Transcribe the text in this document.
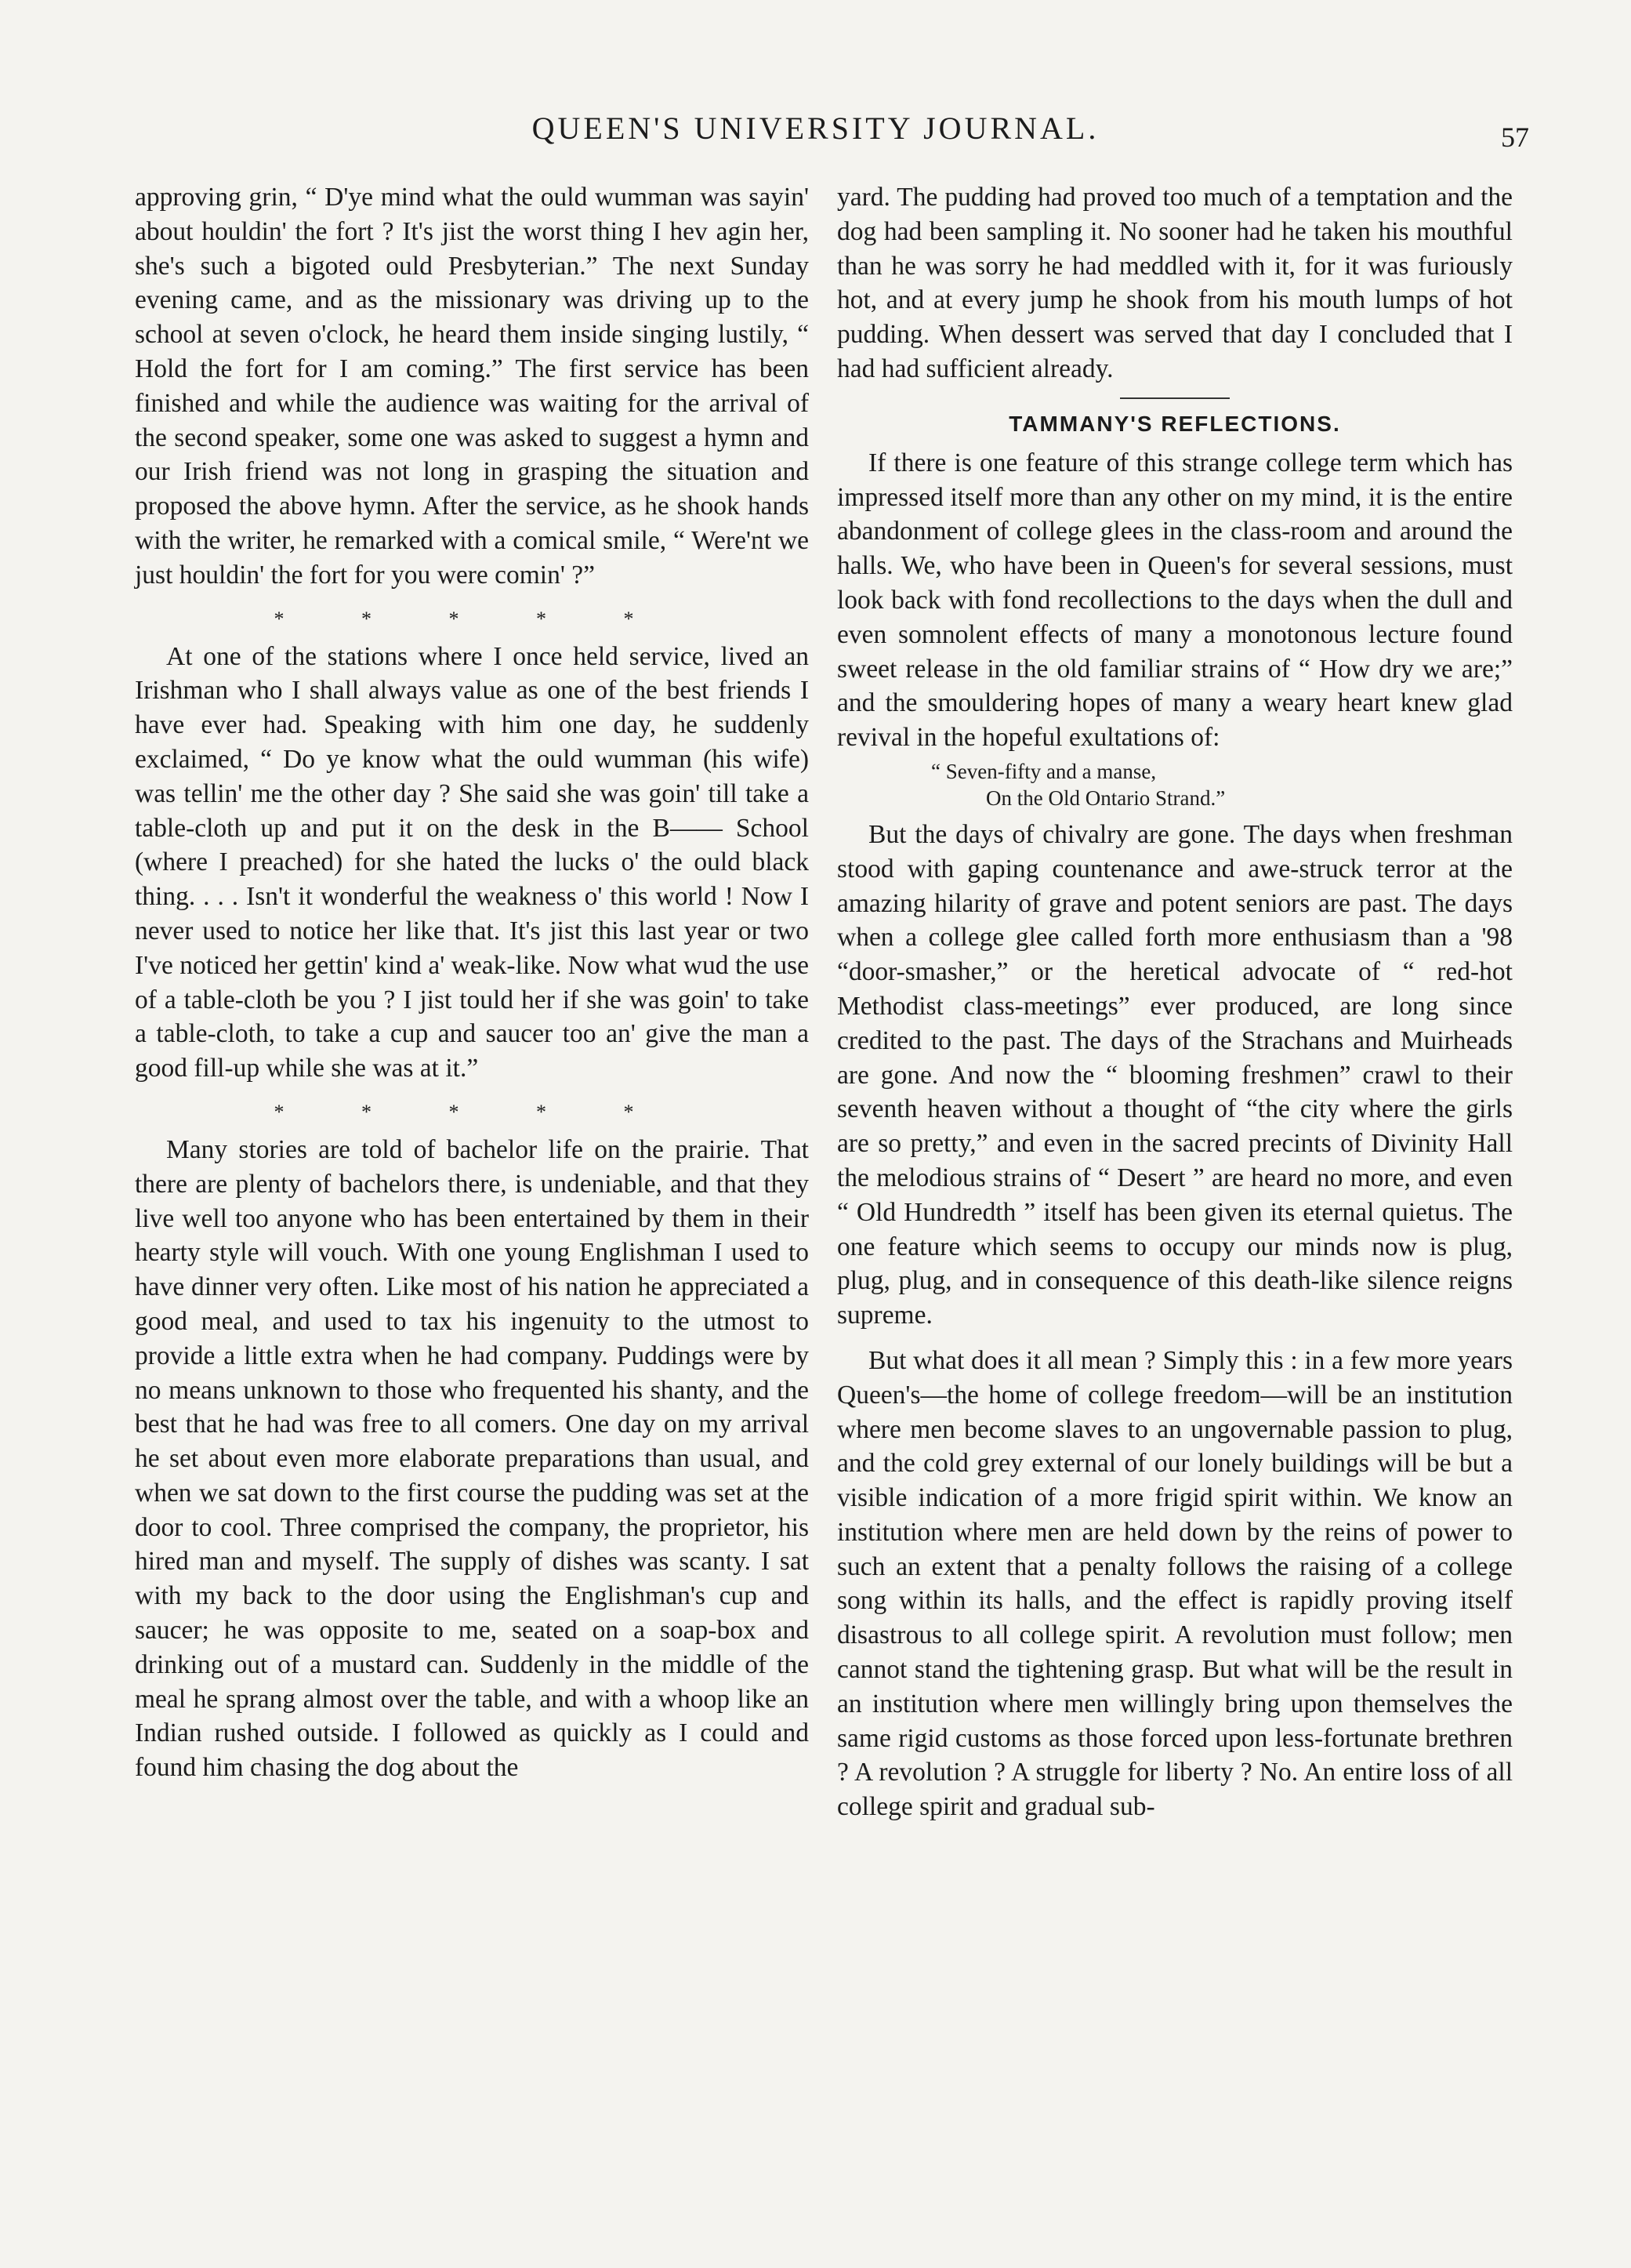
QUEEN'S UNIVERSITY JOURNAL.	57

approving grin, “ D'ye mind what the ould wumman was sayin' about houldin' the fort ? It's jist the worst thing I hev agin her, she's such a bigoted ould Presbyterian.” The next Sunday evening came, and as the missionary was driving up to the school at seven o'clock, he heard them inside singing lustily, “ Hold the fort for I am coming.” The first service has been finished and while the audience was waiting for the arrival of the second speaker, some one was asked to suggest a hymn and our Irish friend was not long in grasping the situation and proposed the above hymn. After the service, as he shook hands with the writer, he remarked with a comical smile, “ Were'nt we just houldin' the fort for you were comin' ?”

* * * * *

At one of the stations where I once held service, lived an Irishman who I shall always value as one of the best friends I have ever had. Speaking with him one day, he suddenly exclaimed, “ Do ye know what the ould wumman (his wife) was tellin' me the other day ? She said she was goin' till take a table-cloth up and put it on the desk in the B—— School (where I preached) for she hated the lucks o' the ould black thing. . . . Isn't it wonderful the weakness o' this world ! Now I never used to notice her like that. It's jist this last year or two I've noticed her gettin' kind a' weak-like. Now what wud the use of a table-cloth be you ? I jist tould her if she was goin' to take a table-cloth, to take a cup and saucer too an' give the man a good fill-up while she was at it.”

* * * * *

Many stories are told of bachelor life on the prairie. That there are plenty of bachelors there, is undeniable, and that they live well too anyone who has been entertained by them in their hearty style will vouch. With one young Englishman I used to have dinner very often. Like most of his nation he appreciated a good meal, and used to tax his ingenuity to the utmost to provide a little extra when he had company. Puddings were by no means unknown to those who frequented his shanty, and the best that he had was free to all comers. One day on my arrival he set about even more elaborate preparations than usual, and when we sat down to the first course the pudding was set at the door to cool. Three comprised the company, the proprietor, his hired man and myself. The supply of dishes was scanty. I sat with my back to the door using the Englishman's cup and saucer; he was opposite to me, seated on a soap-box and drinking out of a mustard can. Suddenly in the middle of the meal he sprang almost over the table, and with a whoop like an Indian rushed outside. I followed as quickly as I could and found him chasing the dog about the

yard. The pudding had proved too much of a temptation and the dog had been sampling it. No sooner had he taken his mouthful than he was sorry he had meddled with it, for it was furiously hot, and at every jump he shook from his mouth lumps of hot pudding. When dessert was served that day I concluded that I had had sufficient already.

TAMMANY'S REFLECTIONS.

If there is one feature of this strange college term which has impressed itself more than any other on my mind, it is the entire abandonment of college glees in the class-room and around the halls. We, who have been in Queen's for several sessions, must look back with fond recollections to the days when the dull and even somnolent effects of many a monotonous lecture found sweet release in the old familiar strains of “ How dry we are;” and the smouldering hopes of many a weary heart knew glad revival in the hopeful exultations of:

“ Seven-fifty and a manse,
On the Old Ontario Strand.”

But the days of chivalry are gone. The days when freshman stood with gaping countenance and awe-struck terror at the amazing hilarity of grave and potent seniors are past. The days when a college glee called forth more enthusiasm than a '98 “door-smasher,” or the heretical advocate of “ red-hot Methodist class-meetings” ever produced, are long since credited to the past. The days of the Strachans and Muirheads are gone. And now the “ blooming freshmen” crawl to their seventh heaven without a thought of “the city where the girls are so pretty,” and even in the sacred precints of Divinity Hall the melodious strains of “ Desert ” are heard no more, and even “ Old Hundredth ” itself has been given its eternal quietus. The one feature which seems to occupy our minds now is plug, plug, plug, and in consequence of this death-like silence reigns supreme.

But what does it all mean ? Simply this : in a few more years Queen's—the home of college freedom—will be an institution where men become slaves to an ungovernable passion to plug, and the cold grey external of our lonely buildings will be but a visible indication of a more frigid spirit within. We know an institution where men are held down by the reins of power to such an extent that a penalty follows the raising of a college song within its halls, and the effect is rapidly proving itself disastrous to all college spirit. A revolution must follow; men cannot stand the tightening grasp. But what will be the result in an institution where men willingly bring upon themselves the same rigid customs as those forced upon less-fortunate brethren ? A revolution ? A struggle for liberty ? No. An entire loss of all college spirit and gradual sub-
